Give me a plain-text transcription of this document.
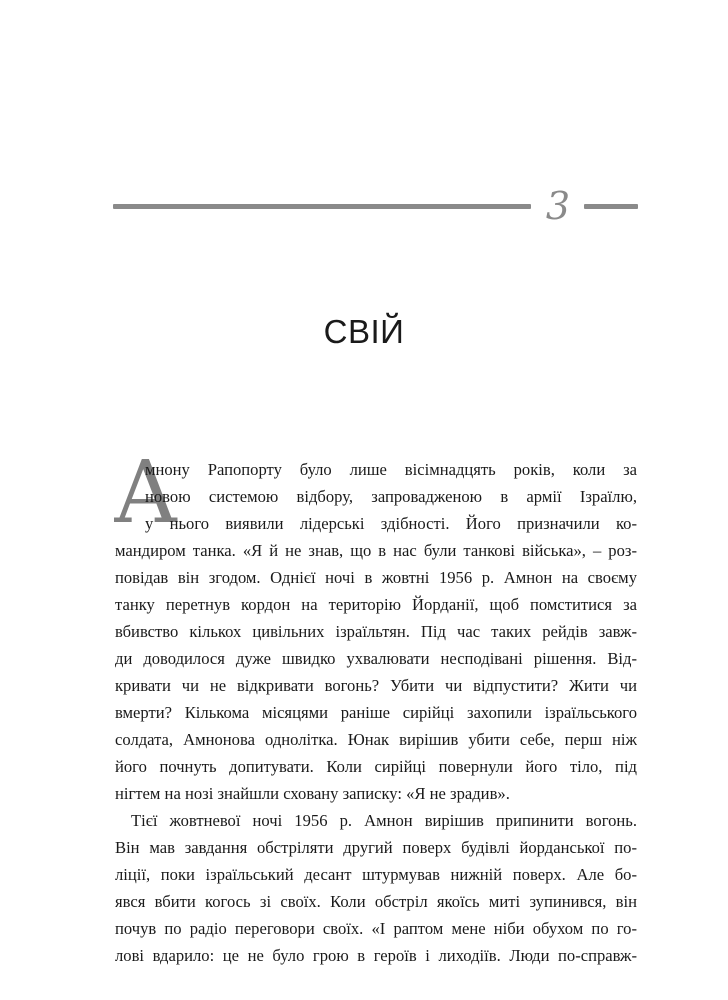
3
СВІЙ
А
мнону Рапопорту було лише вісімнадцять років, коли за
новою системою відбору, запровадженою в армії Ізраїлю,
у нього виявили лідерські здібності. Його призначили ко-
мандиром танка. «Я й не знав, що в нас були танкові війська», – роз-
повідав він згодом. Однієї ночі в жовтні 1956 р. Амнон на своєму
танку перетнув кордон на територію Йорданії, щоб помститися за
вбивство кількох цивільних ізраїльтян. Під час таких рейдів завж-
ди доводилося дуже швидко ухвалювати несподівані рішення. Від-
кривати чи не відкривати вогонь? Убити чи відпустити? Жити чи
вмерти? Кількома місяцями раніше сирійці захопили ізраїльського
солдата, Амнонова однолітка. Юнак вирішив убити себе, перш ніж
його почнуть допитувати. Коли сирійці повернули його тіло, під
нігтем на нозі знайшли сховану записку: «Я не зрадив».
Тієї жовтневої ночі 1956 р. Амнон вирішив припинити вогонь.
Він мав завдання обстріляти другий поверх будівлі йорданської по-
ліції, поки ізраїльський десант штурмував нижній поверх. Але бо-
явся вбити когось зі своїх. Коли обстріл якоїсь миті зупинився, він
почув по радіо переговори своїх. «І раптом мене ніби обухом по го-
лові вдарило: це не було грою в героїв і лиходіїв. Люди по-справж-
